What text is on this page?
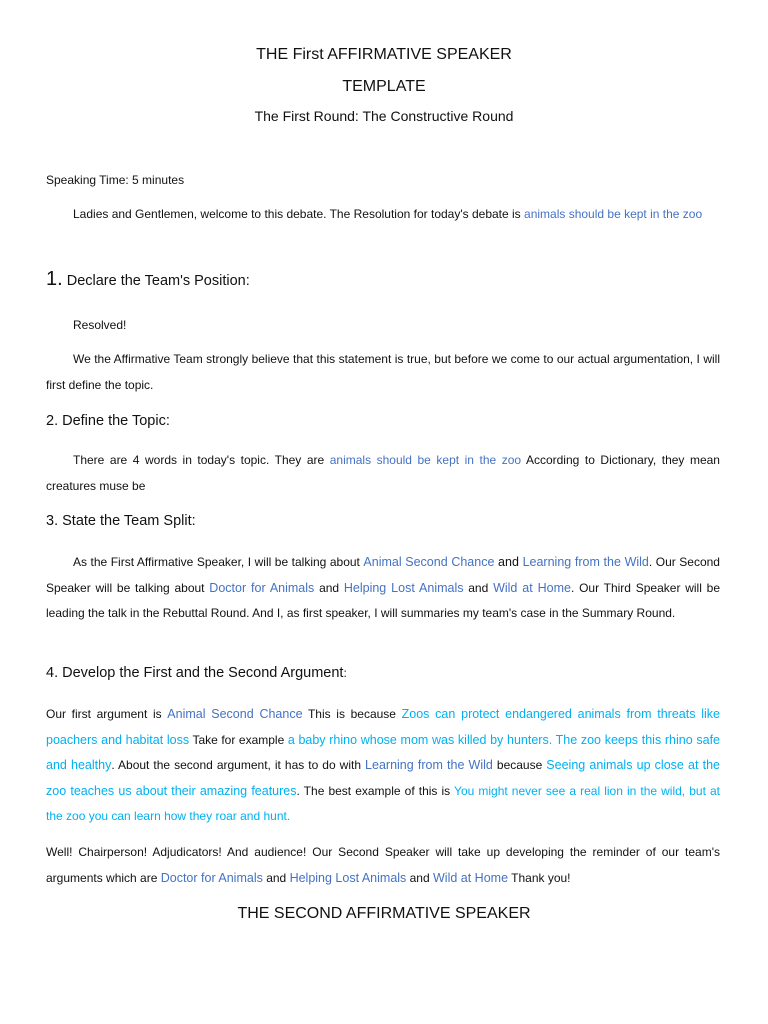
THE First AFFIRMATIVE SPEAKER
TEMPLATE
The First Round: The Constructive Round
Speaking Time: 5 minutes
Ladies and Gentlemen, welcome to this debate. The Resolution for today's debate is animals should be kept in the zoo
1. Declare the Team's Position:
Resolved!
We the Affirmative Team strongly believe that this statement is true, but before we come to our actual argumentation, I will first define the topic.
2. Define the Topic:
There are 4 words in today's topic. They are animals should be kept in the zoo According to Dictionary, they mean creatures muse be
3. State the Team Split:
As the First Affirmative Speaker, I will be talking about Animal Second Chance and Learning from the Wild. Our Second Speaker will be talking about Doctor for Animals and Helping Lost Animals and Wild at Home. Our Third Speaker will be leading the talk in the Rebuttal Round. And I, as first speaker, I will summaries my team's case in the Summary Round.
4. Develop the First and the Second Argument:
Our first argument is Animal Second Chance This is because Zoos can protect endangered animals from threats like poachers and habitat loss Take for example a baby rhino whose mom was killed by hunters. The zoo keeps this rhino safe and healthy. About the second argument, it has to do with Learning from the Wild because Seeing animals up close at the zoo teaches us about their amazing features. The best example of this is You might never see a real lion in the wild, but at the zoo you can learn how they roar and hunt.
Well! Chairperson! Adjudicators! And audience! Our Second Speaker will take up developing the reminder of our team's arguments which are Doctor for Animals and Helping Lost Animals and Wild at Home Thank you!
THE SECOND AFFIRMATIVE SPEAKER
